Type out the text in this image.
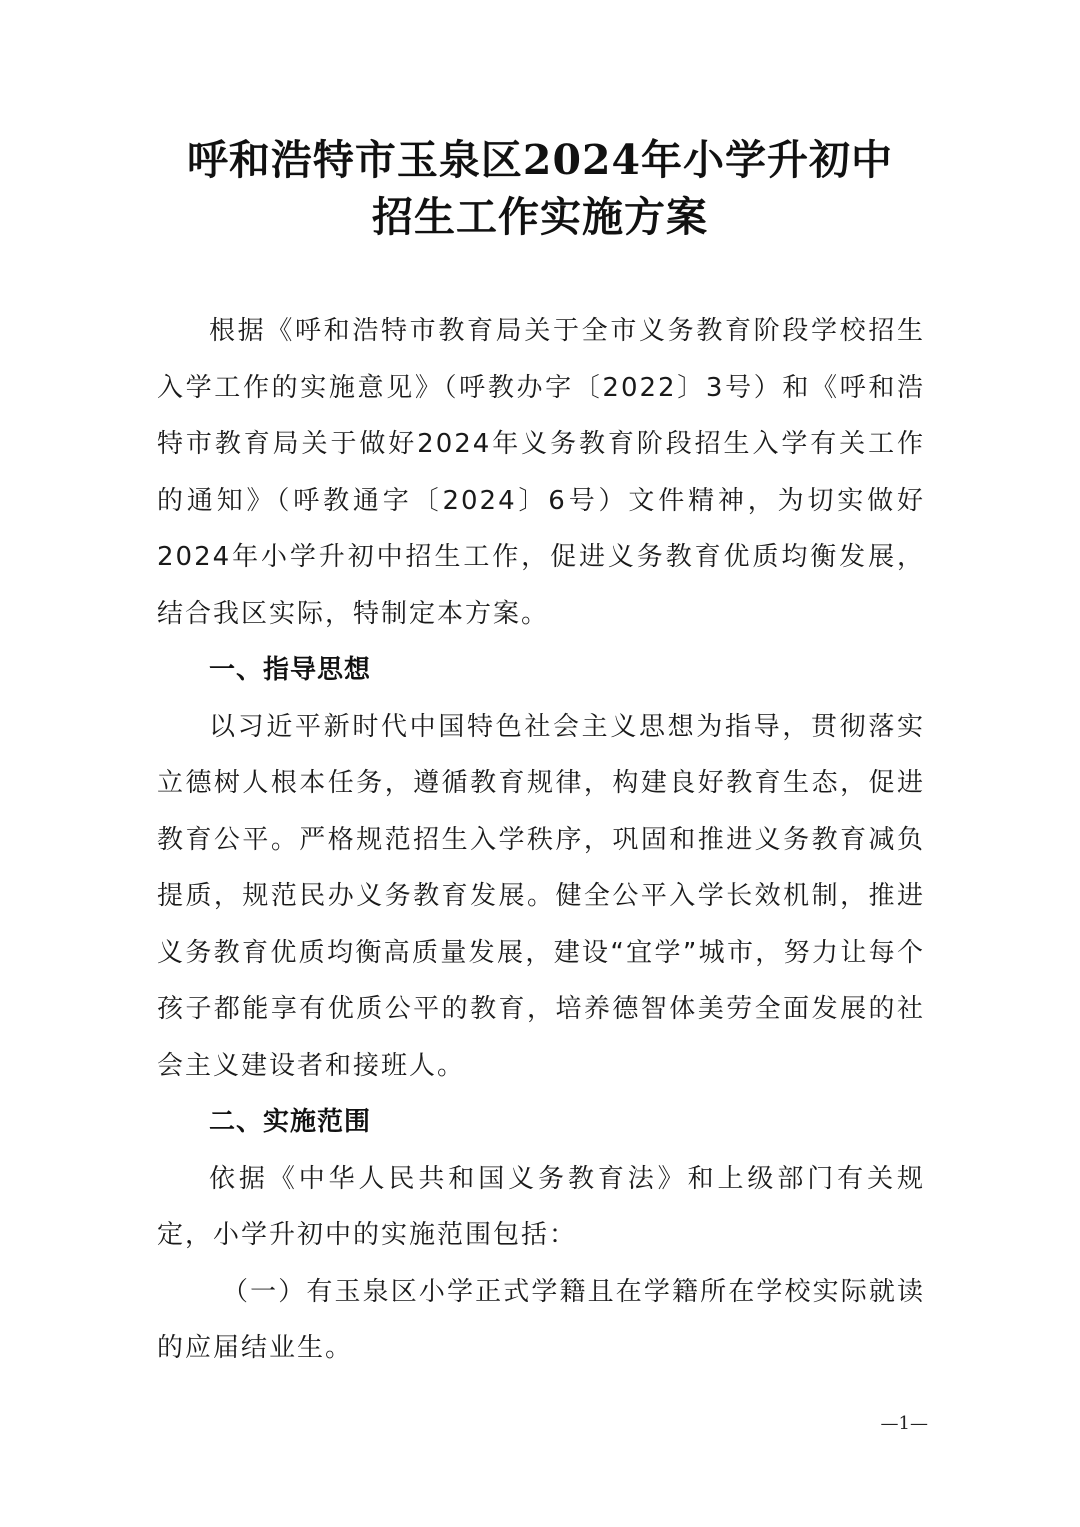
呼和浩特市玉泉区2024年小学升初中
招生工作实施方案

根据《呼和浩特市教育局关于全市义务教育阶段学校招生入学工作的实施意见》（呼教办字〔2022〕3号）和《呼和浩特市教育局关于做好2024年义务教育阶段招生入学有关工作的通知》（呼教通字〔2024〕6号）文件精神，为切实做好2024年小学升初中招生工作，促进义务教育优质均衡发展，结合我区实际，特制定本方案。

一、指导思想

以习近平新时代中国特色社会主义思想为指导，贯彻落实立德树人根本任务，遵循教育规律，构建良好教育生态，促进教育公平。严格规范招生入学秩序，巩固和推进义务教育减负提质，规范民办义务教育发展。健全公平入学长效机制，推进义务教育优质均衡高质量发展，建设“宜学”城市，努力让每个孩子都能享有优质公平的教育，培养德智体美劳全面发展的社会主义建设者和接班人。

二、实施范围

依据《中华人民共和国义务教育法》和上级部门有关规定，小学升初中的实施范围包括：

（一）有玉泉区小学正式学籍且在学籍所在学校实际就读的应届结业生。

—1—
